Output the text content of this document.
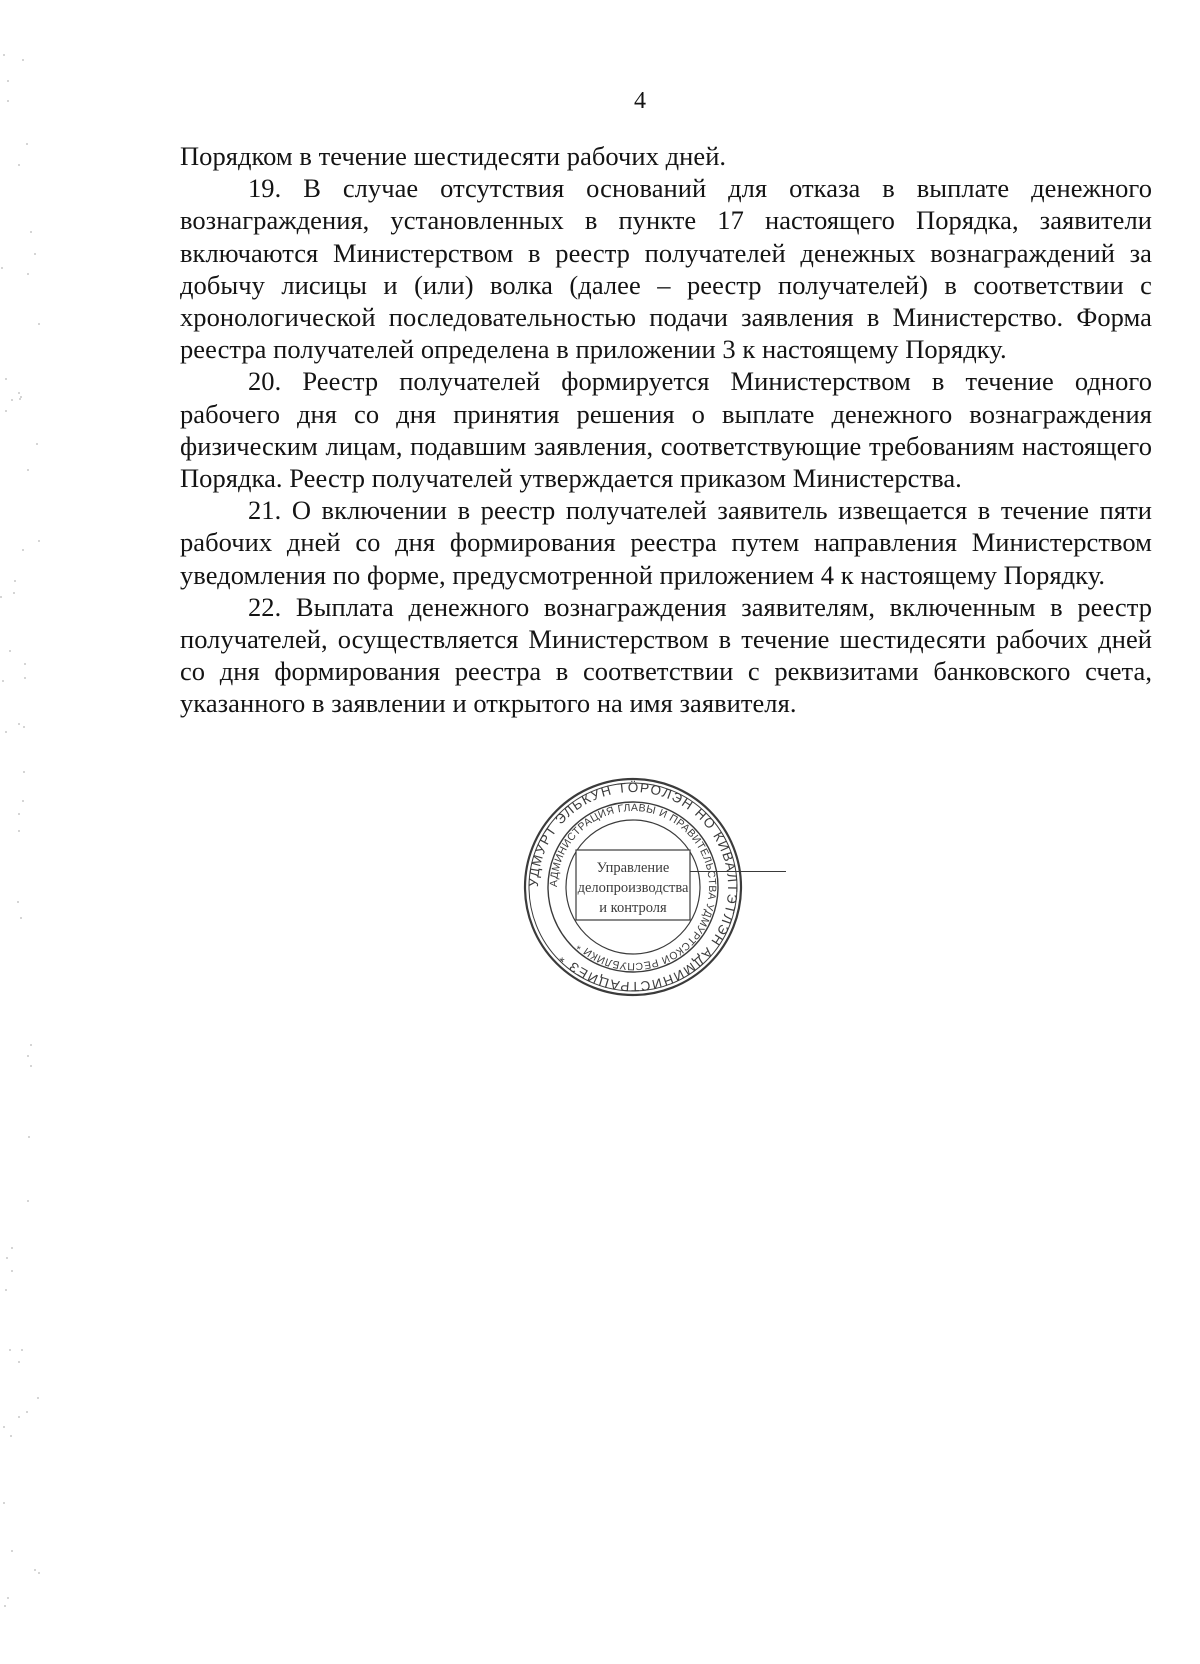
4

Порядком в течение шестидесяти рабочих дней.

19. В случае отсутствия оснований для отказа в выплате денежного вознаграждения, установленных в пункте 17 настоящего Порядка, заявители включаются Министерством в реестр получателей денежных вознаграждений за добычу лисицы и (или) волка (далее – реестр получателей) в соответствии с хронологической последовательностью подачи заявления в Министерство. Форма реестра получателей определена в приложении 3 к настоящему Порядку.

20. Реестр получателей формируется Министерством в течение одного рабочего дня со дня принятия решения о выплате денежного вознаграждения физическим лицам, подавшим заявления, соответствующие требованиям настоящего Порядка. Реестр получателей утверждается приказом Министерства.

21. О включении в реестр получателей заявитель извещается в течение пяти рабочих дней со дня формирования реестра путем направления Министерством уведомления по форме, предусмотренной приложением 4 к настоящему Порядку.

22. Выплата денежного вознаграждения заявителям, включенным в реестр получателей, осуществляется Министерством в течение шестидесяти рабочих дней со дня формирования реестра в соответствии с реквизитами банковского счета, указанного в заявлении и открытого на имя заявителя.

УДМУРТ ЭЛЬКУН ТӦРОЛЭН НО КИВАЛТЭТЛЭН АДМИНИСТРАЦИЕЗ *
АДМИНИСТРАЦИЯ ГЛАВЫ И ПРАВИТЕЛЬСТВА УДМУРТСКОЙ РЕСПУБЛИКИ *
Управление
делопроизводства
и контроля
